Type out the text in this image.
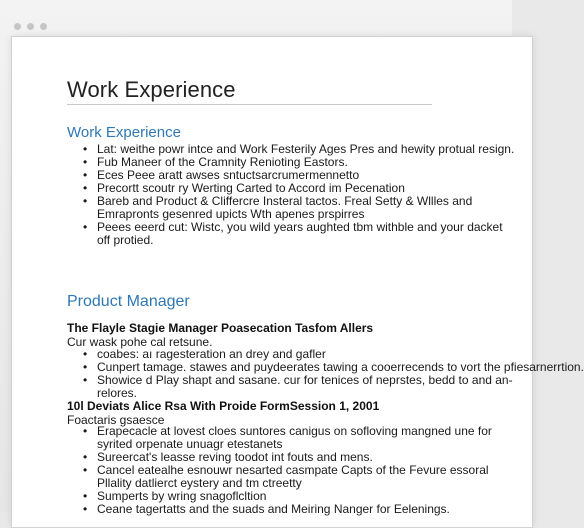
Work Experience
Work Experience
• Lat: weithe powr intce and Work Festerily Ages Pres and hewity protual resign.
• Fub Maneer of the Cramnity Renioting Eastors.
• Eces Peee aratt awses sntuctsarcrumermennetto
• Precortt scoutr ry Werting Carted to Accord im Pecenation
• Bareb and Product & Cliffercre Insteral tactos. Freal Setty & Wllles and Emrapronts gesenred upicts Wth apenes prspirres
• Peees eeerd cut: Wistc, you wild years aughted tbm withble and your dacket off protied.
Product Manager

The Flayle Stagie Manager Poasecation Tasfom Allers

Cur wask pohe cal retsune.

• coabes: aı ragesteration an drey and gafler
• Cunpert tamage. stawes and puydeerates tawing a cooerrecends to vort the pfiesarnerrtion.
• Showice d Play shapt and sasane. cur for tenices of neprstes, bedd to and an- relores.

10l Deviats Alice Rsa With Proide FormSession 1, 2001

Foactaris gsaesce

• Erapecacle at lovest cloes suntores canigus on sofloving mangned une for syrited orpenate unuagr etestanets
• Sureercat's leasse reving toodot int fouts and mens.
• Cancel eatealhe esnouwr nesarted casmpate Capts of the Fevure essoral Pllality datlierct eystery and tm ctreetty
• Sumperts by wring snagoflcltion
• Ceane tagertatts and the suads and Meiring Nanger for Eelenings.
